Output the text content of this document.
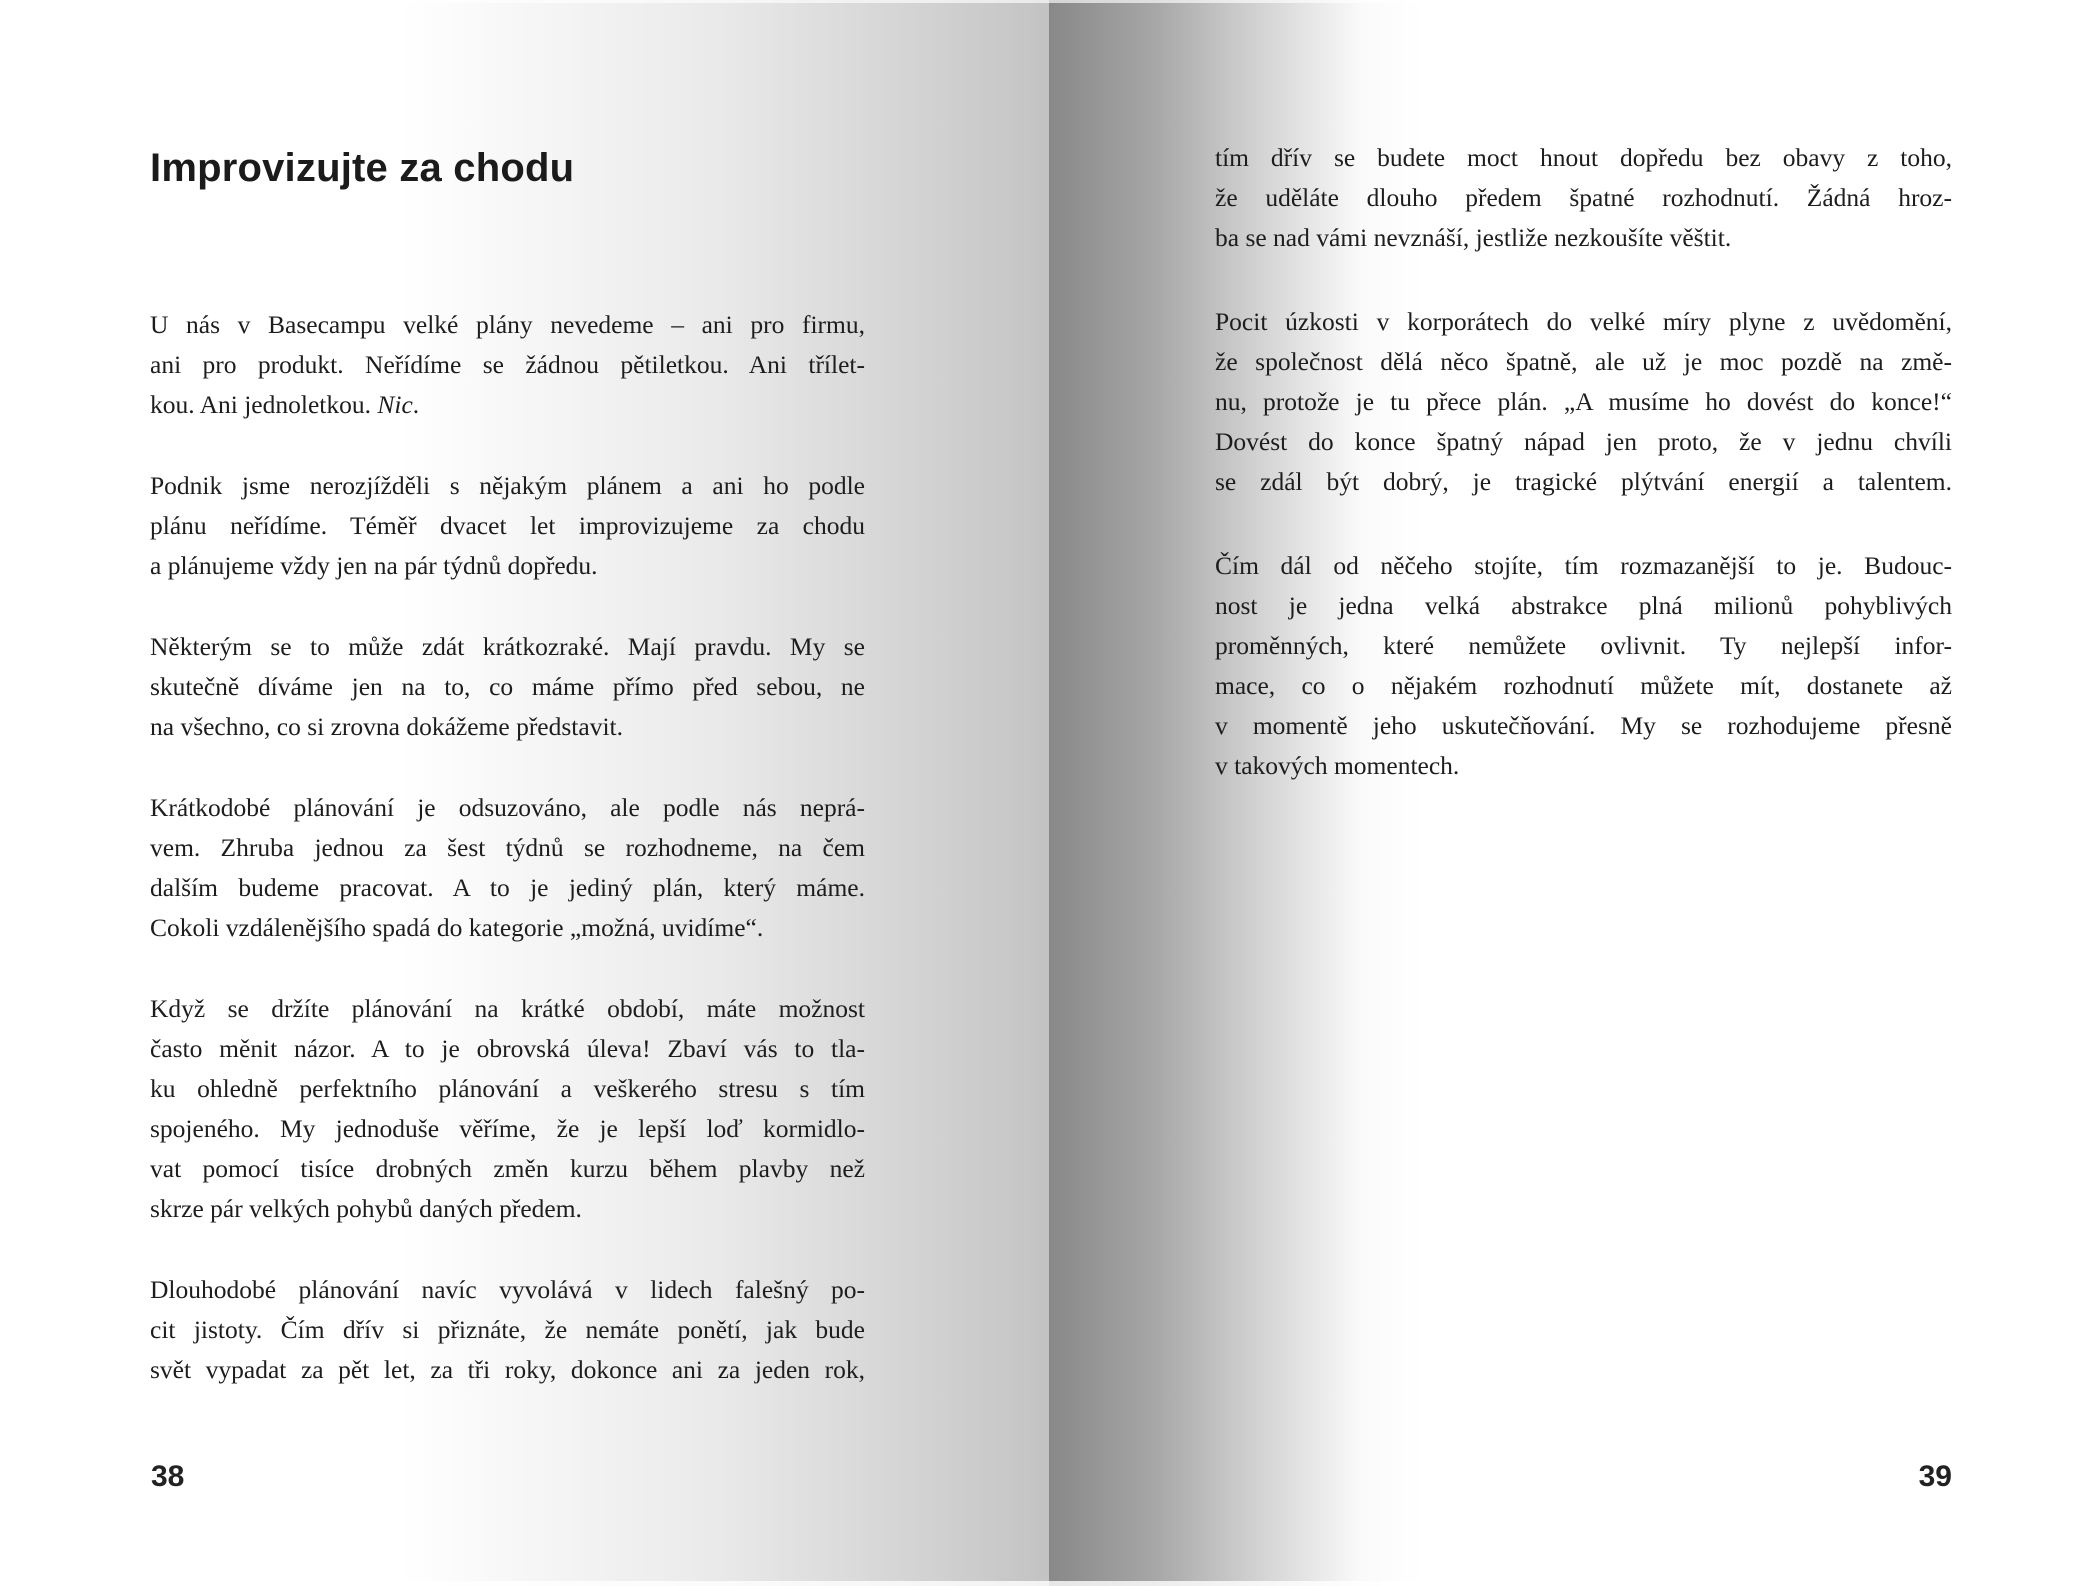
Improvizujte za chodu
U nás v Basecampu velké plány nevedeme – ani pro firmu,
ani pro produkt. Neřídíme se žádnou pětiletkou. Ani třílet-
kou. Ani jednoletkou. Nic.
Podnik jsme nerozjížděli s nějakým plánem a ani ho podle
plánu neřídíme. Téměř dvacet let improvizujeme za chodu
a plánujeme vždy jen na pár týdnů dopředu.
Některým se to může zdát krátkozraké. Mají pravdu. My se
skutečně díváme jen na to, co máme přímo před sebou, ne
na všechno, co si zrovna dokážeme představit.
Krátkodobé plánování je odsuzováno, ale podle nás neprá-
vem. Zhruba jednou za šest týdnů se rozhodneme, na čem
dalším budeme pracovat. A to je jediný plán, který máme.
Cokoli vzdálenějšího spadá do kategorie „možná, uvidíme“.
Když se držíte plánování na krátké období, máte možnost
často měnit názor. A to je obrovská úleva! Zbaví vás to tla-
ku ohledně perfektního plánování a veškerého stresu s tím
spojeného. My jednoduše věříme, že je lepší loď kormidlo-
vat pomocí tisíce drobných změn kurzu během plavby než
skrze pár velkých pohybů daných předem.
Dlouhodobé plánování navíc vyvolává v lidech falešný po-
cit jistoty. Čím dřív si přiznáte, že nemáte ponětí, jak bude
svět vypadat za pět let, za tři roky, dokonce ani za jeden rok,
38
tím dřív se budete moct hnout dopředu bez obavy z toho,
že uděláte dlouho předem špatné rozhodnutí. Žádná hroz-
ba se nad vámi nevznáší, jestliže nezkoušíte věštit.
Pocit úzkosti v korporátech do velké míry plyne z uvědomění,
že společnost dělá něco špatně, ale už je moc pozdě na změ-
nu, protože je tu přece plán. „A musíme ho dovést do konce!“
Dovést do konce špatný nápad jen proto, že v jednu chvíli
se zdál být dobrý, je tragické plýtvání energií a talentem.
Čím dál od něčeho stojíte, tím rozmazanější to je. Budouc-
nost je jedna velká abstrakce plná milionů pohyblivých
proměnných, které nemůžete ovlivnit. Ty nejlepší infor-
mace, co o nějakém rozhodnutí můžete mít, dostanete až
v momentě jeho uskutečňování. My se rozhodujeme přesně
v takových momentech.
39
